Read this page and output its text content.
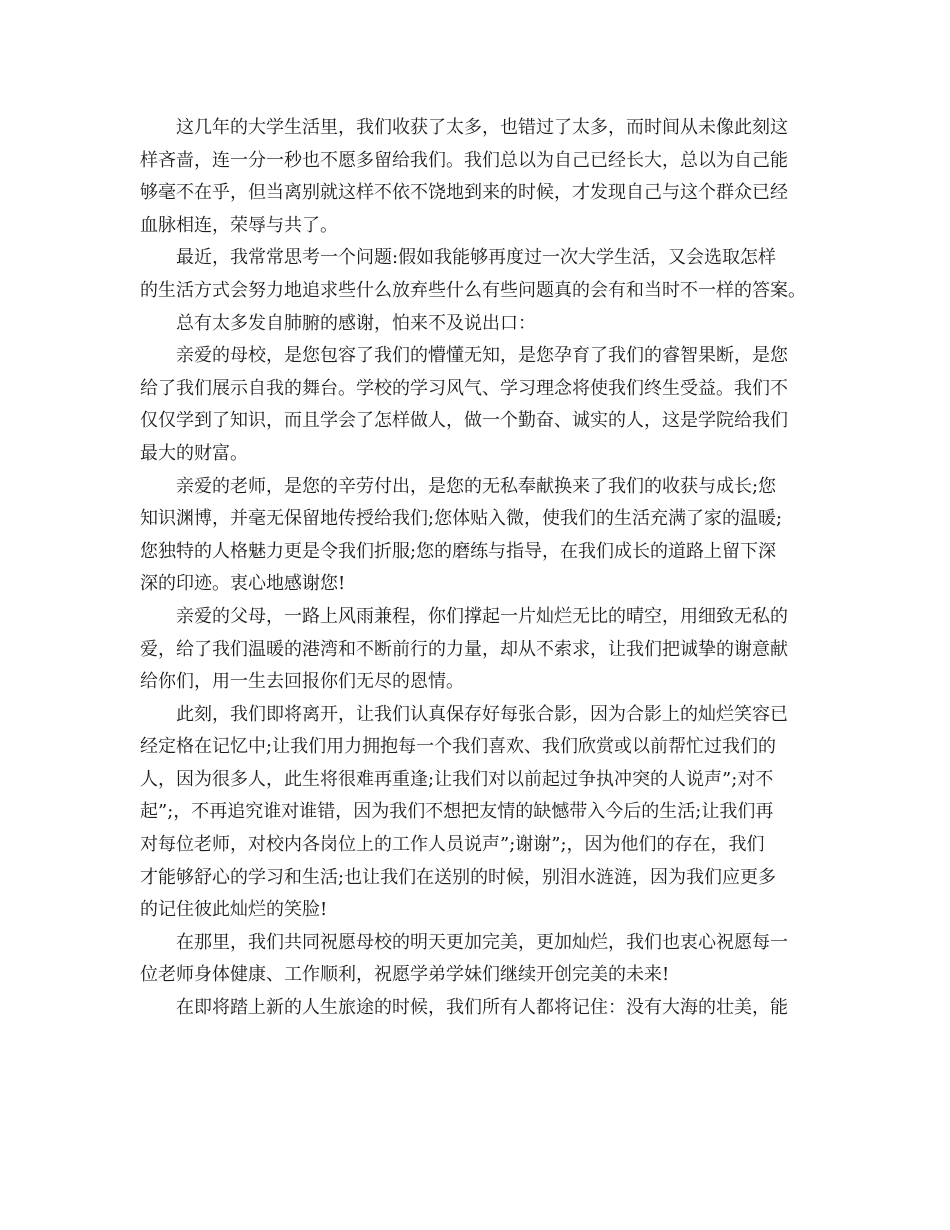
　　这几年的大学生活里，我们收获了太多，也错过了太多，而时间从未像此刻这
样吝啬，连一分一秒也不愿多留给我们。我们总以为自己已经长大，总以为自己能
够毫不在乎，但当离别就这样不依不饶地到来的时候，才发现自己与这个群众已经
血脉相连，荣辱与共了。
　　最近，我常常思考一个问题:假如我能够再度过一次大学生活，又会选取怎样
的生活方式会努力地追求些什么放弃些什么有些问题真的会有和当时不一样的答案。
　　总有太多发自肺腑的感谢，怕来不及说出口：
　　亲爱的母校，是您包容了我们的懵懂无知，是您孕育了我们的睿智果断，是您
给了我们展示自我的舞台。学校的学习风气、学习理念将使我们终生受益。我们不
仅仅学到了知识，而且学会了怎样做人，做一个勤奋、诚实的人，这是学院给我们
最大的财富。
　　亲爱的老师，是您的辛劳付出，是您的无私奉献换来了我们的收获与成长;您
知识渊博，并毫无保留地传授给我们;您体贴入微，使我们的生活充满了家的温暖;
您独特的人格魅力更是令我们折服;您的磨练与指导，在我们成长的道路上留下深
深的印迹。衷心地感谢您!
　　亲爱的父母，一路上风雨兼程，你们撑起一片灿烂无比的晴空，用细致无私的
爱，给了我们温暖的港湾和不断前行的力量，却从不索求，让我们把诚挚的谢意献
给你们，用一生去回报你们无尽的恩情。
　　此刻，我们即将离开，让我们认真保存好每张合影，因为合影上的灿烂笑容已
经定格在记忆中;让我们用力拥抱每一个我们喜欢、我们欣赏或以前帮忙过我们的
人，因为很多人，此生将很难再重逢;让我们对以前起过争执冲突的人说声”;对不
起”;，不再追究谁对谁错，因为我们不想把友情的缺憾带入今后的生活;让我们再
对每位老师，对校内各岗位上的工作人员说声”;谢谢”;，因为他们的存在，我们
才能够舒心的学习和生活;也让我们在送别的时候，别泪水涟涟，因为我们应更多
的记住彼此灿烂的笑脸!
　　在那里，我们共同祝愿母校的明天更加完美，更加灿烂，我们也衷心祝愿每一
位老师身体健康、工作顺利，祝愿学弟学妹们继续开创完美的未来!
　　在即将踏上新的人生旅途的时候，我们所有人都将记住：没有大海的壮美，能
